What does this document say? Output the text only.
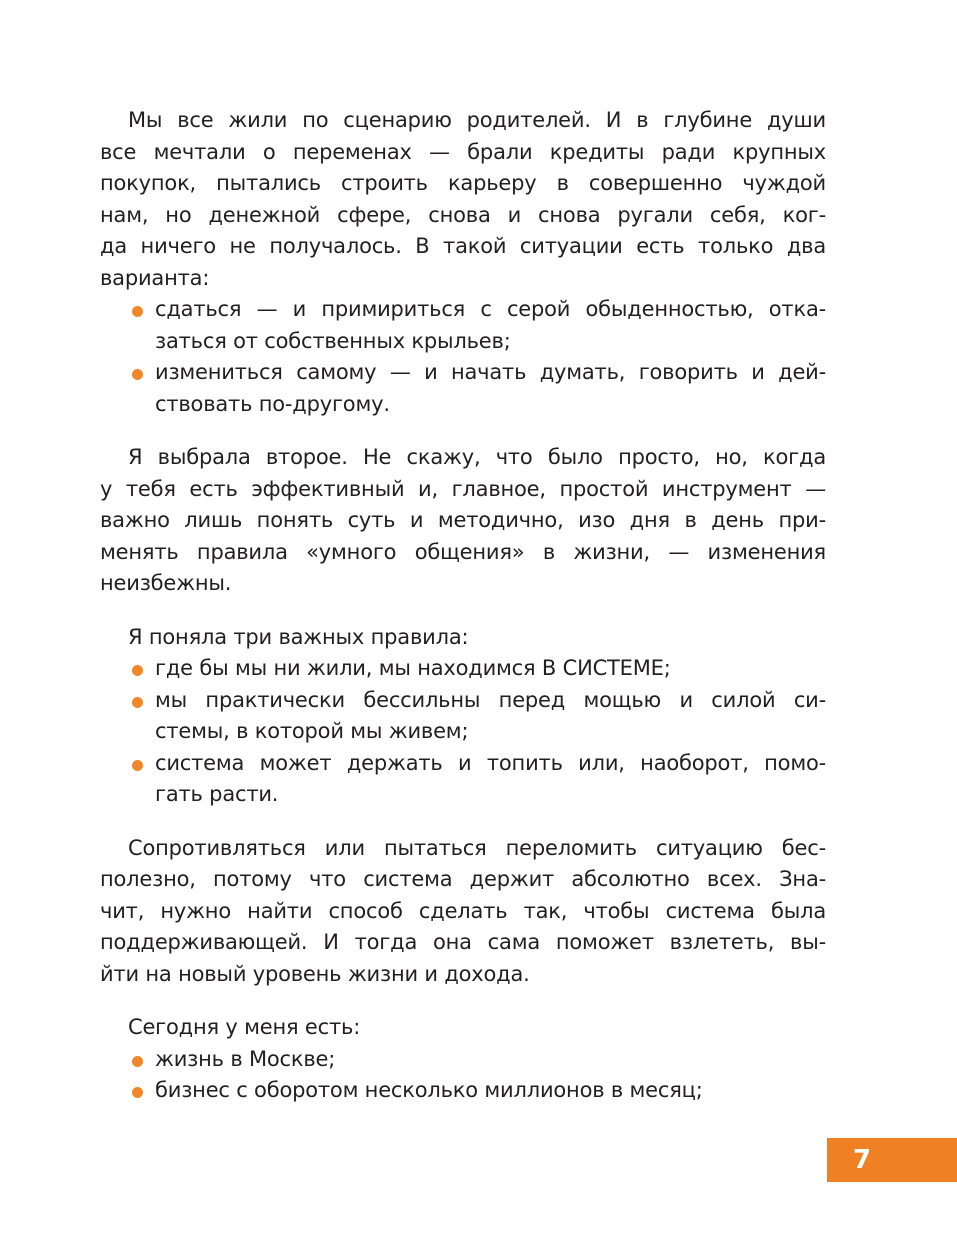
Мы все жили по сценарию родителей. И в глубине души
все мечтали о переменах — брали кредиты ради крупных
покупок, пытались строить карьеру в совершенно чуждой
нам, но денежной сфере, снова и снова ругали себя, ког-
да ничего не получалось. В такой ситуации есть только два
варианта:
сдаться — и примириться с серой обыденностью, отка-
заться от собственных крыльев;
измениться самому — и начать думать, говорить и дей-
ствовать по-другому.
Я выбрала второе. Не скажу, что было просто, но, когда
у тебя есть эффективный и, главное, простой инструмент —
важно лишь понять суть и методично, изо дня в день при-
менять правила «умного общения» в жизни, — изменения
неизбежны.
Я поняла три важных правила:
где бы мы ни жили, мы находимся В СИСТЕМЕ;
мы практически бессильны перед мощью и силой си-
стемы, в которой мы живем;
система может держать и топить или, наоборот, помо-
гать расти.
Сопротивляться или пытаться переломить ситуацию бес-
полезно, потому что система держит абсолютно всех. Зна-
чит, нужно найти способ сделать так, чтобы система была
поддерживающей. И тогда она сама поможет взлететь, вы-
йти на новый уровень жизни и дохода.
Сегодня у меня есть:
жизнь в Москве;
бизнес с оборотом несколько миллионов в месяц;
7
